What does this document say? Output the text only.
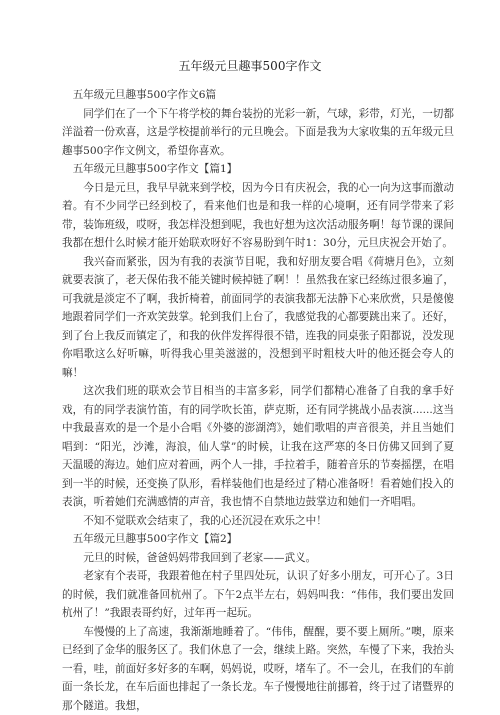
五年级元旦趣事500字作文

五年级元旦趣事500字作文6篇

同学们在了一个下午将学校的舞台装扮的光彩一新，气球，彩带，灯光，一切都洋溢着一份欢喜，这是学校提前举行的元旦晚会。下面是我为大家收集的五年级元旦趣事500字作文例文，希望你喜欢。

五年级元旦趣事500字作文【篇1】

今日是元旦，我早早就来到学校，因为今日有庆祝会，我的心一向为这事而激动着。有不少同学已经到校了，看来他们也是和我一样的心境啊，还有同学带来了彩带，装饰班级，哎呀，我怎样没想到呢，我也好想为这次活动服务啊！每节课的课间我都在想什么时候才能开始联欢呀好不容易盼到午时1：30分，元旦庆祝会开始了。

我兴奋而紧张，因为有我的表演节目呢，我和好朋友要合唱《荷塘月色》，立刻就要表演了，老天保佑我不能关键时候掉链了啊！！虽然我在家已经练过很多遍了，可我就是淡定不了啊，我折椅着，前面同学的表演我都无法静下心来欣赏，只是傻傻地跟着同学们一齐欢笑鼓掌。轮到我们上台了，我感觉我的心都要跳出来了。还好，到了台上我反而镇定了，和我的伙伴发挥得很不错，连我的同桌张子阳都说，没发现你唱歌这么好听嘛，听得我心里美滋滋的，没想到平时粗枝大叶的他还挺会夸人的嘛！

这次我们班的联欢会节目相当的丰富多彩，同学们都精心准备了自我的拿手好戏，有的同学表演竹笛，有的同学吹长笛，萨克斯，还有同学挑战小品表演......这当中我最喜欢的是一个是小合唱《外婆的澎湖湾》，她们歌唱的声音很美，并且当她们唱到：“阳光，沙滩，海浪，仙人掌”的时候，让我在这严寒的冬日仿佛又回到了夏天温暖的海边。她们应对着画，两个人一排，手拉着手，随着音乐的节奏摇摆，在唱到一半的时候，还变换了队形，看样装他们也是经过了精心准备呀！看着她们投入的表演，听着她们充满感情的声音，我也情不自禁地边鼓掌边和她们一齐唱唱。

不知不觉联欢会结束了，我的心还沉浸在欢乐之中！

五年级元旦趣事500字作文【篇2】

元旦的时候，爸爸妈妈带我回到了老家——武义。

老家有个表哥，我跟着他在村子里四处玩，认识了好多小朋友，可开心了。3日的时候，我们就准备回杭州了。下午2点半左右，妈妈叫我：“伟伟，我们要出发回杭州了！”我跟表哥约好，过年再一起玩。

车慢慢的上了高速，我渐渐地睡着了。“伟伟，醒醒，要不要上厕所。”噢，原来已经到了金华的服务区了。我们休息了一会，继续上路。突然，车慢了下来，我抬头一看，哇，前面好多好多的车啊，妈妈说，哎呀，堵车了。不一会儿，在我们的车前面一条长龙，在车后面也排起了一条长龙。车子慢慢地往前挪着，终于过了诸暨界的那个隧道。我想，
